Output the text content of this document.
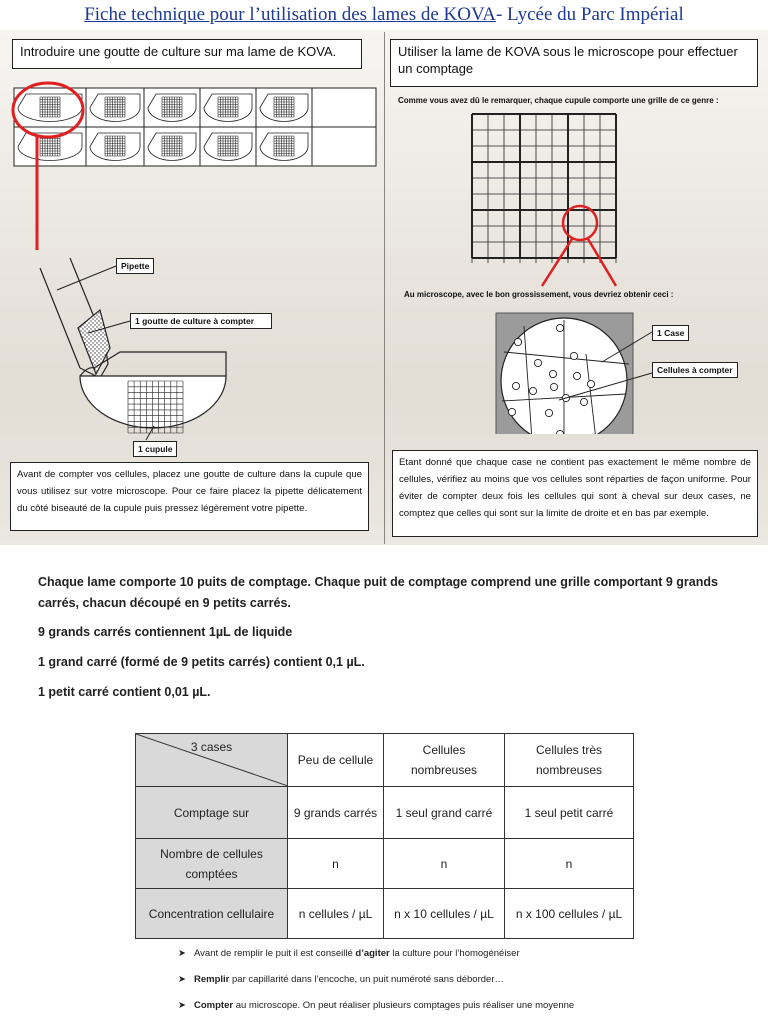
Fiche technique pour l’utilisation des lames de KOVA- Lycée du Parc Impérial
Introduire une goutte de culture sur ma lame de KOVA.
Pipette
1 goutte de culture à compter
1 cupule
Avant de compter vos cellules, placez une goutte de culture dans la cupule que vous utilisez sur votre microscope. Pour ce faire placez la pipette délicatement du côté biseauté de la cupule puis pressez légèrement votre pipette.
Utiliser la lame de KOVA sous le microscope pour effectuer un comptage
Comme vous avez dû le remarquer, chaque cupule comporte une grille de ce genre :
Au microscope, avec le bon grossissement, vous devriez obtenir ceci :
1 Case
Cellules à compter
Etant donné que chaque case ne contient pas exactement le même nombre de cellules, vérifiez au moins que vos cellules sont réparties de façon uniforme. Pour éviter de compter deux fois les cellules qui sont à cheval sur deux cases, ne comptez que celles qui sont sur la limite de droite et en bas par exemple.
Chaque lame comporte 10 puits de comptage. Chaque puit de comptage comprend une grille comportant 9 grands carrés, chacun découpé en 9 petits carrés.
9 grands carrés contiennent 1µL de liquide
1 grand carré (formé de 9 petits carrés) contient 0,1 µL.
1 petit carré contient 0,01 µL.
3 cases	Peu de cellule	Cellules nombreuses	Cellules très nombreuses
Comptage sur	9 grands carrés	1 seul grand carré	1 seul petit carré
Nombre de cellules comptées	n	n	n
Concentration cellulaire	n cellules / µL	n x 10 cellules / µL	n x 100 cellules / µL
➤ Avant de remplir le puit il est conseillé d’agiter la culture pour l’homogénéiser
➤ Remplir par capillarité dans l’encoche, un puit numéroté sans déborder…
➤ Compter au microscope. On peut réaliser plusieurs comptages puis réaliser une moyenne
